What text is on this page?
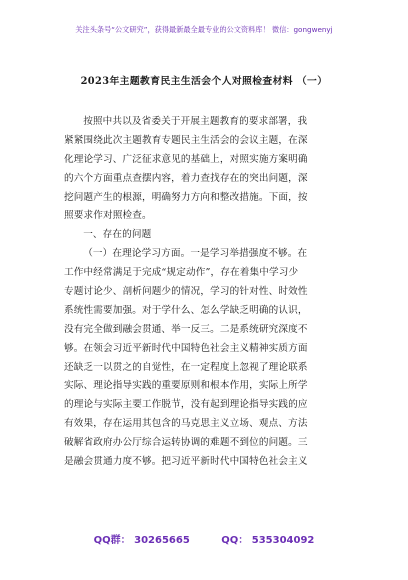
关注头条号“公文研究”，获得最新最全最专业的公文资料库！ 微信：gongwenyj
2023年主题教育民主生活会个人对照检查材料 （一）
按照中共以及省委关于开展主题教育的要求部署，我
紧紧围绕此次主题教育专题民主生活会的会议主题，在深
化理论学习、广泛征求意见的基础上，对照实施方案明确
的六个方面重点查摆内容，着力查找存在的突出问题，深
挖问题产生的根源，明确努力方向和整改措施。下面，按
照要求作对照检查。
一、存在的问题
（一）在理论学习方面。一是学习举措强度不够。在
工作中经常满足于完成“规定动作”，存在着集中学习少
专题讨论少、剖析问题少的情况，学习的针对性、时效性
系统性需要加强。对于学什么、怎么学缺乏明确的认识，
没有完全做到融会贯通、举一反三。二是系统研究深度不
够。在领会习近平新时代中国特色社会主义精神实质方面
还缺乏一以贯之的自觉性，在一定程度上忽视了理论联系
实际、理论指导实践的重要原则和根本作用，实际上所学
的理论与实际主要工作脱节，没有起到理论指导实践的应
有效果，存在运用其包含的马克思主义立场、观点、方法
破解省政府办公厅综合运转协调的难题不到位的问题。三
是融会贯通力度不够。把习近平新时代中国特色社会主义
QQ群： 30265665	QQ： 535304092
